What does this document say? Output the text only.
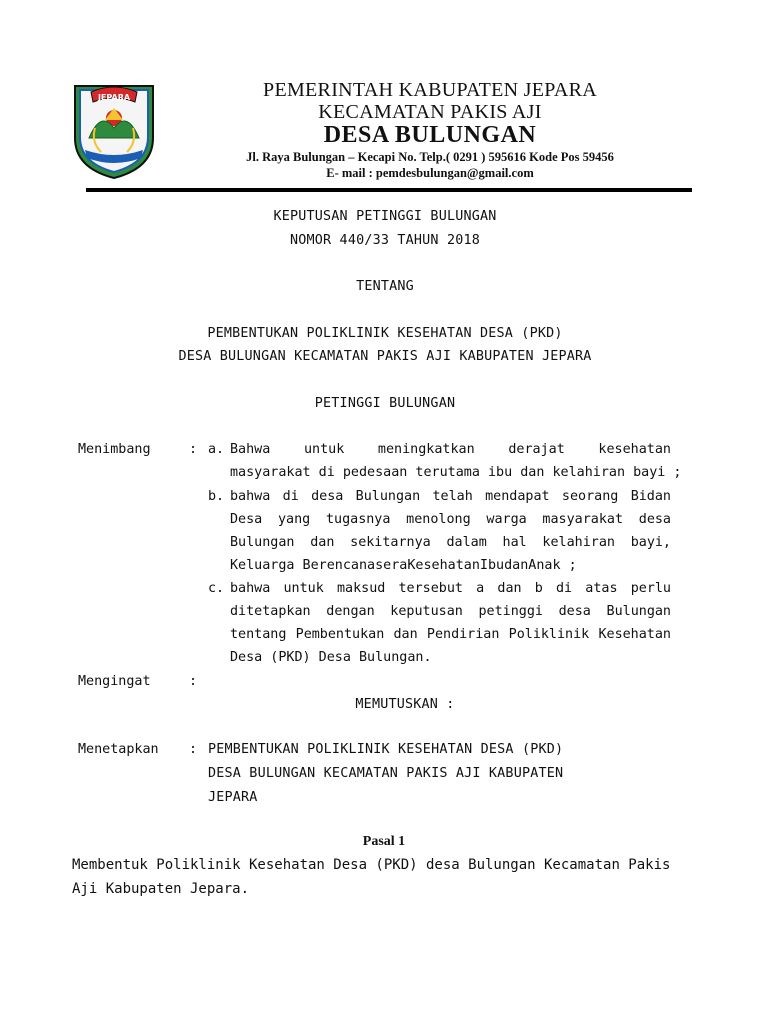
JEPARA	PEMERINTAH KABUPATEN JEPARA
KECAMATAN PAKIS AJI
DESA BULUNGAN
Jl. Raya Bulungan – Kecapi No. Telp.( 0291 ) 595616 Kode Pos 59456
E- mail : pemdesbulungan@gmail.com
KEPUTUSAN PETINGGI BULUNGAN
NOMOR 440/33 TAHUN 2018
TENTANG
PEMBENTUKAN POLIKLINIK KESEHATAN DESA (PKD)
DESA BULUNGAN KECAMATAN PAKIS AJI KABUPATEN JEPARA
PETINGGI BULUNGAN
Menimbang	: a. Bahwa untuk meningkatkan derajat kesehatan
masyarakat di pedesaan terutama ibu dan kelahiran bayi ;
b. bahwa di desa Bulungan telah mendapat seorang Bidan
Desa yang tugasnya menolong warga masyarakat desa
Bulungan dan sekitarnya dalam hal kelahiran bayi,
Keluarga BerencanaseraKesehatanIbudanAnak ;
c. bahwa untuk maksud tersebut a dan b di atas perlu
ditetapkan dengan keputusan petinggi desa Bulungan
tentang Pembentukan dan Pendirian Poliklinik Kesehatan
Desa (PKD) Desa Bulungan.
Mengingat	:
MEMUTUSKAN :
Menetapkan : PEMBENTUKAN POLIKLINIK KESEHATAN DESA (PKD)
DESA BULUNGAN KECAMATAN PAKIS AJI KABUPATEN
JEPARA
Pasal 1
Membentuk Poliklinik Kesehatan Desa (PKD) desa Bulungan Kecamatan Pakis
Aji Kabupaten Jepara.
